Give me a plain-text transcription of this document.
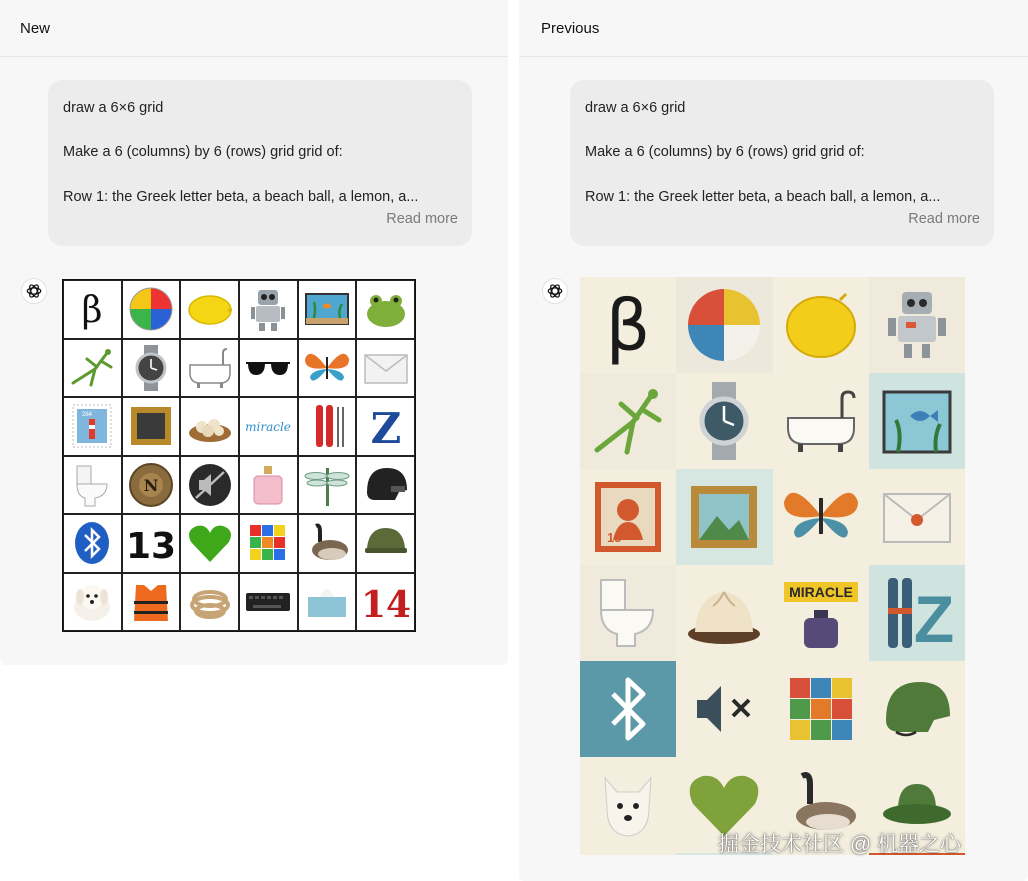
New
draw a 6×6 grid
Make a 6 (columns) by 6 (rows) grid grid of:
Row 1: the Greek letter beta, a beach ball, a lemon, a...
Read more
β
284
miracle Z
N
13
14
Previous
draw a 6×6 grid
Make a 6 (columns) by 6 (rows) grid grid of:
Row 1: the Greek letter beta, a beach ball, a lemon, a...
Read more
β
15
MIRACLE Z
掘金技术社区 @ 机器之心
